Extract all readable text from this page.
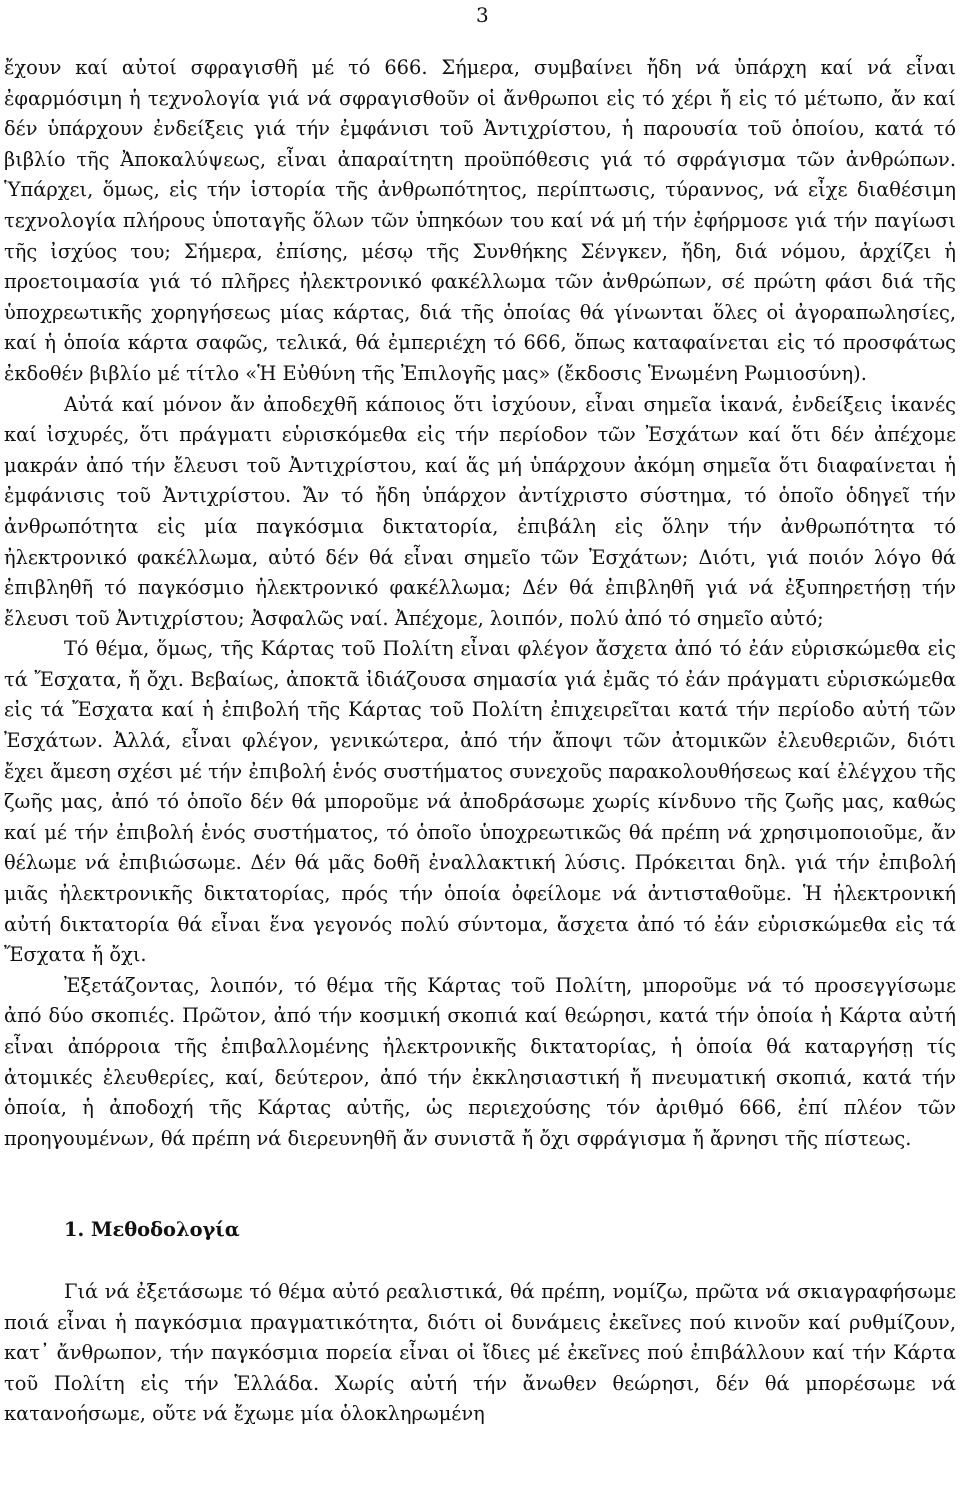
3

ἔχουν καί αὐτοί σφραγισθῆ μέ τό 666. Σήμερα, συμβαίνει ἤδη νά ὑπάρχη καί νά εἶναι ἐφαρμόσιμη ἡ τεχνολογία γιά νά σφραγισθοῦν οἱ ἄνθρωποι εἰς τό χέρι ἤ εἰς τό μέτωπο, ἄν καί δέν ὑπάρχουν ἐνδείξεις γιά τήν ἐμφάνισι τοῦ Ἀντιχρίστου, ἡ παρουσία τοῦ ὁποίου, κατά τό βιβλίο τῆς Ἀποκαλύψεως, εἶναι ἀπαραίτητη προϋπόθεσις γιά τό σφράγισμα τῶν ἀνθρώπων. Ὑπάρχει, ὅμως, εἰς τήν ἱστορία τῆς ἀνθρωπότητος, περίπτωσις, τύραννος, νά εἶχε διαθέσιμη τεχνολογία πλήρους ὑποταγῆς ὅλων τῶν ὑπηκόων του καί νά μή τήν ἐφήρμοσε γιά τήν παγίωσι τῆς ἰσχύος του; Σήμερα, ἐπίσης, μέσῳ τῆς Συνθήκης Σένγκεν, ἤδη, διά νόμου, ἀρχίζει ἡ προετοιμασία γιά τό πλῆρες ἠλεκτρονικό φακέλλωμα τῶν ἀνθρώπων, σέ πρώτη φάσι διά τῆς ὑποχρεωτικῆς χορηγήσεως μίας κάρτας, διά τῆς ὁποίας θά γίνωνται ὅλες οἱ ἀγοραπωλησίες, καί ἡ ὁποία κάρτα σαφῶς, τελικά, θά ἐμπεριέχη τό 666, ὅπως καταφαίνεται εἰς τό προσφάτως ἐκδοθέν βιβλίο μέ τίτλο «Ἡ Εὐθύνη τῆς Ἐπιλογῆς μας» (ἔκδοσις Ἑνωμένη Ρωμιοσύνη).

Αὐτά καί μόνον ἄν ἀποδεχθῆ κάποιος ὅτι ἰσχύουν, εἶναι σημεῖα ἱκανά, ἐνδείξεις ἱκανές καί ἰσχυρές, ὅτι πράγματι εὑρισκόμεθα εἰς τήν περίοδον τῶν Ἐσχάτων καί ὅτι δέν ἀπέχομε μακράν ἀπό τήν ἔλευσι τοῦ Ἀντιχρίστου, καί ἅς μή ὑπάρχουν ἀκόμη σημεῖα ὅτι διαφαίνεται ἡ ἐμφάνισις τοῦ Ἀντιχρίστου. Ἄν τό ἤδη ὑπάρχον ἀντίχριστο σύστημα, τό ὁποῖο ὁδηγεῖ τήν ἀνθρωπότητα εἰς μία παγκόσμια δικτατορία, ἐπιβάλη εἰς ὅλην τήν ἀνθρωπότητα τό ἠλεκτρονικό φακέλλωμα, αὐτό δέν θά εἶναι σημεῖο τῶν Ἐσχάτων; Διότι, γιά ποιόν λόγο θά ἐπιβληθῆ τό παγκόσμιο ἠλεκτρονικό φακέλλωμα; Δέν θά ἐπιβληθῆ γιά νά ἐξυπηρετήσῃ τήν ἔλευσι τοῦ Ἀντιχρίστου; Ἀσφαλῶς ναί. Ἀπέχομε, λοιπόν, πολύ ἀπό τό σημεῖο αὐτό;

Τό θέμα, ὅμως, τῆς Κάρτας τοῦ Πολίτη εἶναι φλέγον ἄσχετα ἀπό τό ἐάν εὑρισκώμεθα εἰς τά Ἔσχατα, ἤ ὄχι. Βεβαίως, ἀποκτᾶ ἰδιάζουσα σημασία γιά ἐμᾶς τό ἐάν πράγματι εὑρισκώμεθα εἰς τά Ἔσχατα καί ἡ ἐπιβολή τῆς Κάρτας τοῦ Πολίτη ἐπιχειρεῖται κατά τήν περίοδο αὐτή τῶν Ἐσχάτων. Ἀλλά, εἶναι φλέγον, γενικώτερα, ἀπό τήν ἄποψι τῶν ἀτομικῶν ἐλευθεριῶν, διότι ἔχει ἄμεση σχέσι μέ τήν ἐπιβολή ἑνός συστήματος συνεχοῦς παρακολουθήσεως καί ἐλέγχου τῆς ζωῆς μας, ἀπό τό ὁποῖο δέν θά μποροῦμε νά ἀποδράσωμε χωρίς κίνδυνο τῆς ζωῆς μας, καθώς καί μέ τήν ἐπιβολή ἑνός συστήματος, τό ὁποῖο ὑποχρεωτικῶς θά πρέπη νά χρησιμοποιοῦμε, ἄν θέλωμε νά ἐπιβιώσωμε. Δέν θά μᾶς δοθῆ ἐναλλακτική λύσις. Πρόκειται δηλ. γιά τήν ἐπιβολή μιᾶς ἠλεκτρονικῆς δικτατορίας, πρός τήν ὁποία ὀφείλομε νά ἀντισταθοῦμε. Ἡ ἠλεκτρονική αὐτή δικτατορία θά εἶναι ἕνα γεγονός πολύ σύντομα, ἄσχετα ἀπό τό ἐάν εὑρισκώμεθα εἰς τά Ἔσχατα ἤ ὄχι.

Ἐξετάζοντας, λοιπόν, τό θέμα τῆς Κάρτας τοῦ Πολίτη, μποροῦμε νά τό προσεγγίσωμε ἀπό δύο σκοπιές. Πρῶτον, ἀπό τήν κοσμική σκοπιά καί θεώρησι, κατά τήν ὁποία ἡ Κάρτα αὐτή εἶναι ἀπόρροια τῆς ἐπιβαλλομένης ἠλεκτρονικῆς δικτατορίας, ἡ ὁποία θά καταργήσῃ τίς ἀτομικές ἐλευθερίες, καί, δεύτερον, ἀπό τήν ἐκκλησιαστική ἤ πνευματική σκοπιά, κατά τήν ὁποία, ἡ ἀποδοχή τῆς Κάρτας αὐτῆς, ὡς περιεχούσης τόν ἀριθμό 666, ἐπί πλέον τῶν προηγουμένων, θά πρέπη νά διερευνηθῆ ἄν συνιστᾶ ἤ ὄχι σφράγισμα ἤ ἄρνησι τῆς πίστεως.

1. Μεθοδολογία

Γιά νά ἐξετάσωμε τό θέμα αὐτό ρεαλιστικά, θά πρέπη, νομίζω, πρῶτα νά σκιαγραφήσωμε ποιά εἶναι ἡ παγκόσμια πραγματικότητα, διότι οἱ δυνάμεις ἐκεῖνες πού κινοῦν καί ρυθμίζουν, κατ᾽ ἄνθρωπον, τήν παγκόσμια πορεία εἶναι οἱ ἴδιες μέ ἐκεῖνες πού ἐπιβάλλουν καί τήν Κάρτα τοῦ Πολίτη εἰς τήν Ἑλλάδα. Χωρίς αὐτή τήν ἄνωθεν θεώρησι, δέν θά μπορέσωμε νά κατανοήσωμε, οὔτε νά ἔχωμε μία ὁλοκληρωμένη
